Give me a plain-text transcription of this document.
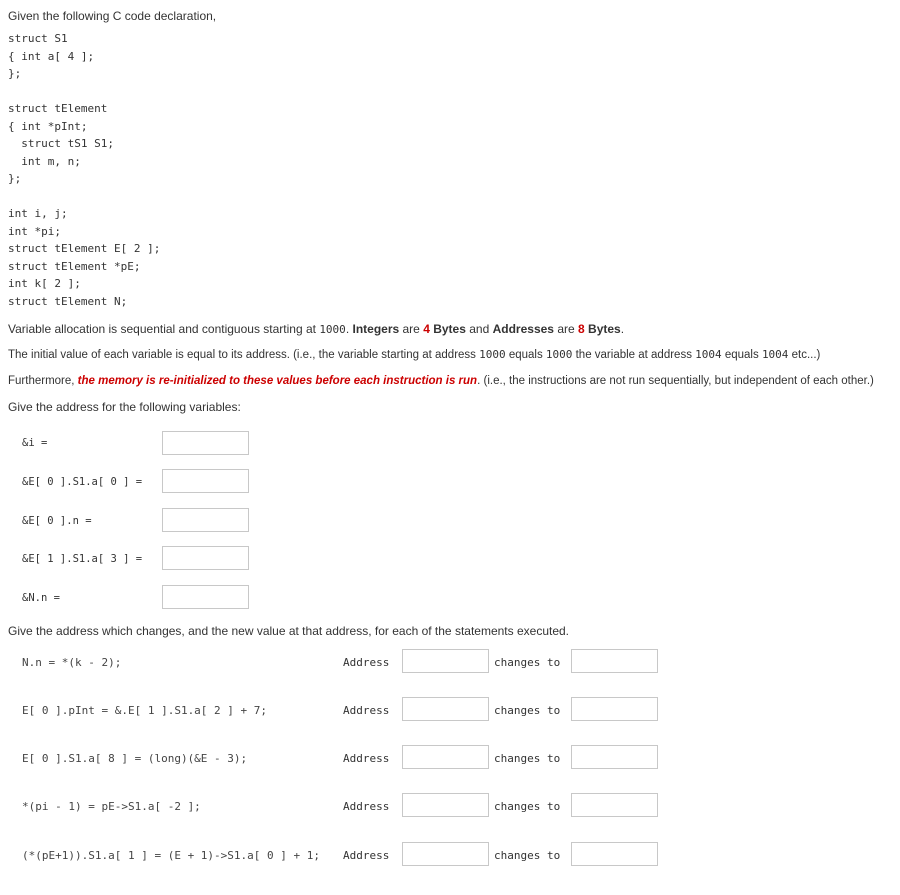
Given the following C code declaration,
struct S1
{ int a[ 4 ];
};
struct tElement
{ int *pInt;
struct tS1 S1;
int m, n;
};
int i, j;
int *pi;
struct tElement E[ 2 ];
struct tElement *pE;
int k[ 2 ];
struct tElement N;
Variable allocation is sequential and contiguous starting at 1000. Integers are 4 Bytes and Addresses are 8 Bytes.
The initial value of each variable is equal to its address. (i.e., the variable starting at address 1000 equals 1000 the variable at address 1004 equals 1004 etc...)
Furthermore, the memory is re-initialized to these values before each instruction is run. (i.e., the instructions are not run sequentially, but independent of each other.)
Give the address for the following variables:
&i =
&E[ 0 ].S1.a[ 0 ] =
&E[ 0 ].n =
&E[ 1 ].S1.a[ 3 ] =
&N.n =
Give the address which changes, and the new value at that address, for each of the statements executed.
N.n = *(k - 2);	Address	changes to
E[ 0 ].pInt = &.E[ 1 ].S1.a[ 2 ] + 7;	Address	changes to
E[ 0 ].S1.a[ 8 ] = (long)(&E - 3);	Address	changes to
*(pi - 1) = pE->S1.a[ -2 ];	Address	changes to
(*(pE+1)).S1.a[ 1 ] = (E + 1)->S1.a[ 0 ] + 1; Address	changes to
